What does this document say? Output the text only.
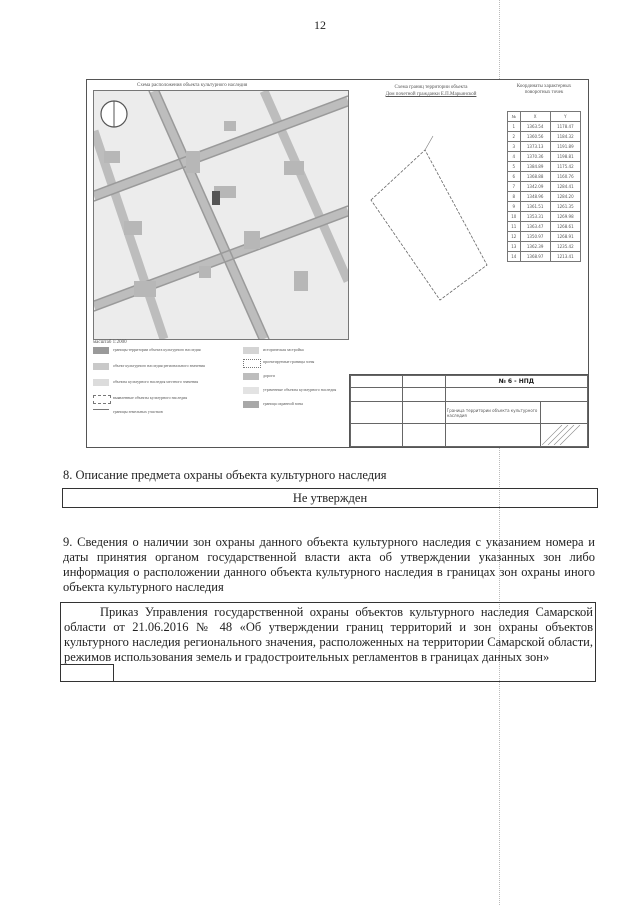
12
Схема расположения объекта культурного наследия
масштаб 1:2000
Схема границ территории объекта
Дом почетной гражданки Е.П.Марьинской
Координаты характерных поворотных точек
№	X	Y
1	1363.54	1178.47
2	1360.56	1184.32
3	1373.13	1191.89
4	1370.36	1198.81
5	1384.89	1175.42
6	1368.88	1160.76
7	1342.09	1284.41
8	1348.96	1284.20
9	1361.51	1261.35
10	1353.31	1269.98
11	1363.47	1268.61
12	1350.97	1268.91
13	1362.39	1235.42
14	1368.97	1213.41
границы территории объекта культурного наследия
объект культурного наследия регионального значения
объекты культурного наследия местного значения
выявленные объекты культурного наследия
границы земельных участков
историческая застройка
проектируемые границы зоны
дороги
утраченные объекты культурного наследия
граница охранной зоны
		№ 6 - НПД	

		Граница территории объекта культурного наследия	

8. Описание предмета охраны объекта культурного наследия
Не утвержден
9. Сведения о наличии зон охраны данного объекта культурного наследия с указанием номера и даты принятия органом государственной власти акта об утверждении указанных зон либо информация о расположении данного объекта культурного наследия в границах зон охраны иного объекта культурного наследия

Приказ Управления государственной охраны объектов культурного наследия Самарской области от 21.06.2016 № 48 «Об утверждении границ территорий и зон охраны объектов культурного наследия регионального значения, расположенных на территории Самарской области, режимов использования земель и градостроительных регламентов в границах данных зон»
